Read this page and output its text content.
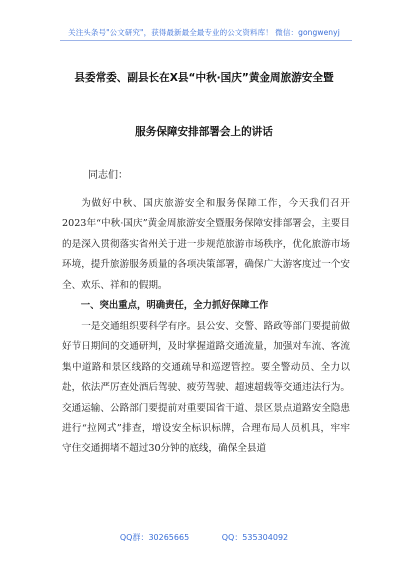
关注头条号"公文研究"，获得最新最全最专业的公文资料库！ 微信：gongwenyj
县委常委、副县长在X县“中秋·国庆”黄金周旅游安全暨
服务保障安排部署会上的讲话
同志们：

为做好中秋、国庆旅游安全和服务保障工作，今天我们召开2023年“中秋·国庆”黄金周旅游安全暨服务保障安排部署会，主要目的是深入贯彻落实省州关于进一步规范旅游市场秩序，优化旅游市场环境，提升旅游服务质量的各项决策部署，确保广大游客度过一个安全、欢乐、祥和的假期。

一、突出重点，明确责任，全力抓好保障工作

一是交通组织要科学有序。县公安、交警、路政等部门要提前做好节日期间的交通研判，及时掌握道路交通流量，加强对车流、客流集中道路和景区线路的交通疏导和巡逻管控。要全警动员、全力以赴，依法严厉查处酒后驾驶、疲劳驾驶、超速超载等交通违法行为。交通运输、公路部门要提前对重要国省干道、景区景点道路安全隐患进行“拉网式”排查，增设安全标识标牌，合理布局人员机具，牢牢守住交通拥堵不超过30分钟的底线，确保全县道

QQ群：30265665	QQ：535304092
